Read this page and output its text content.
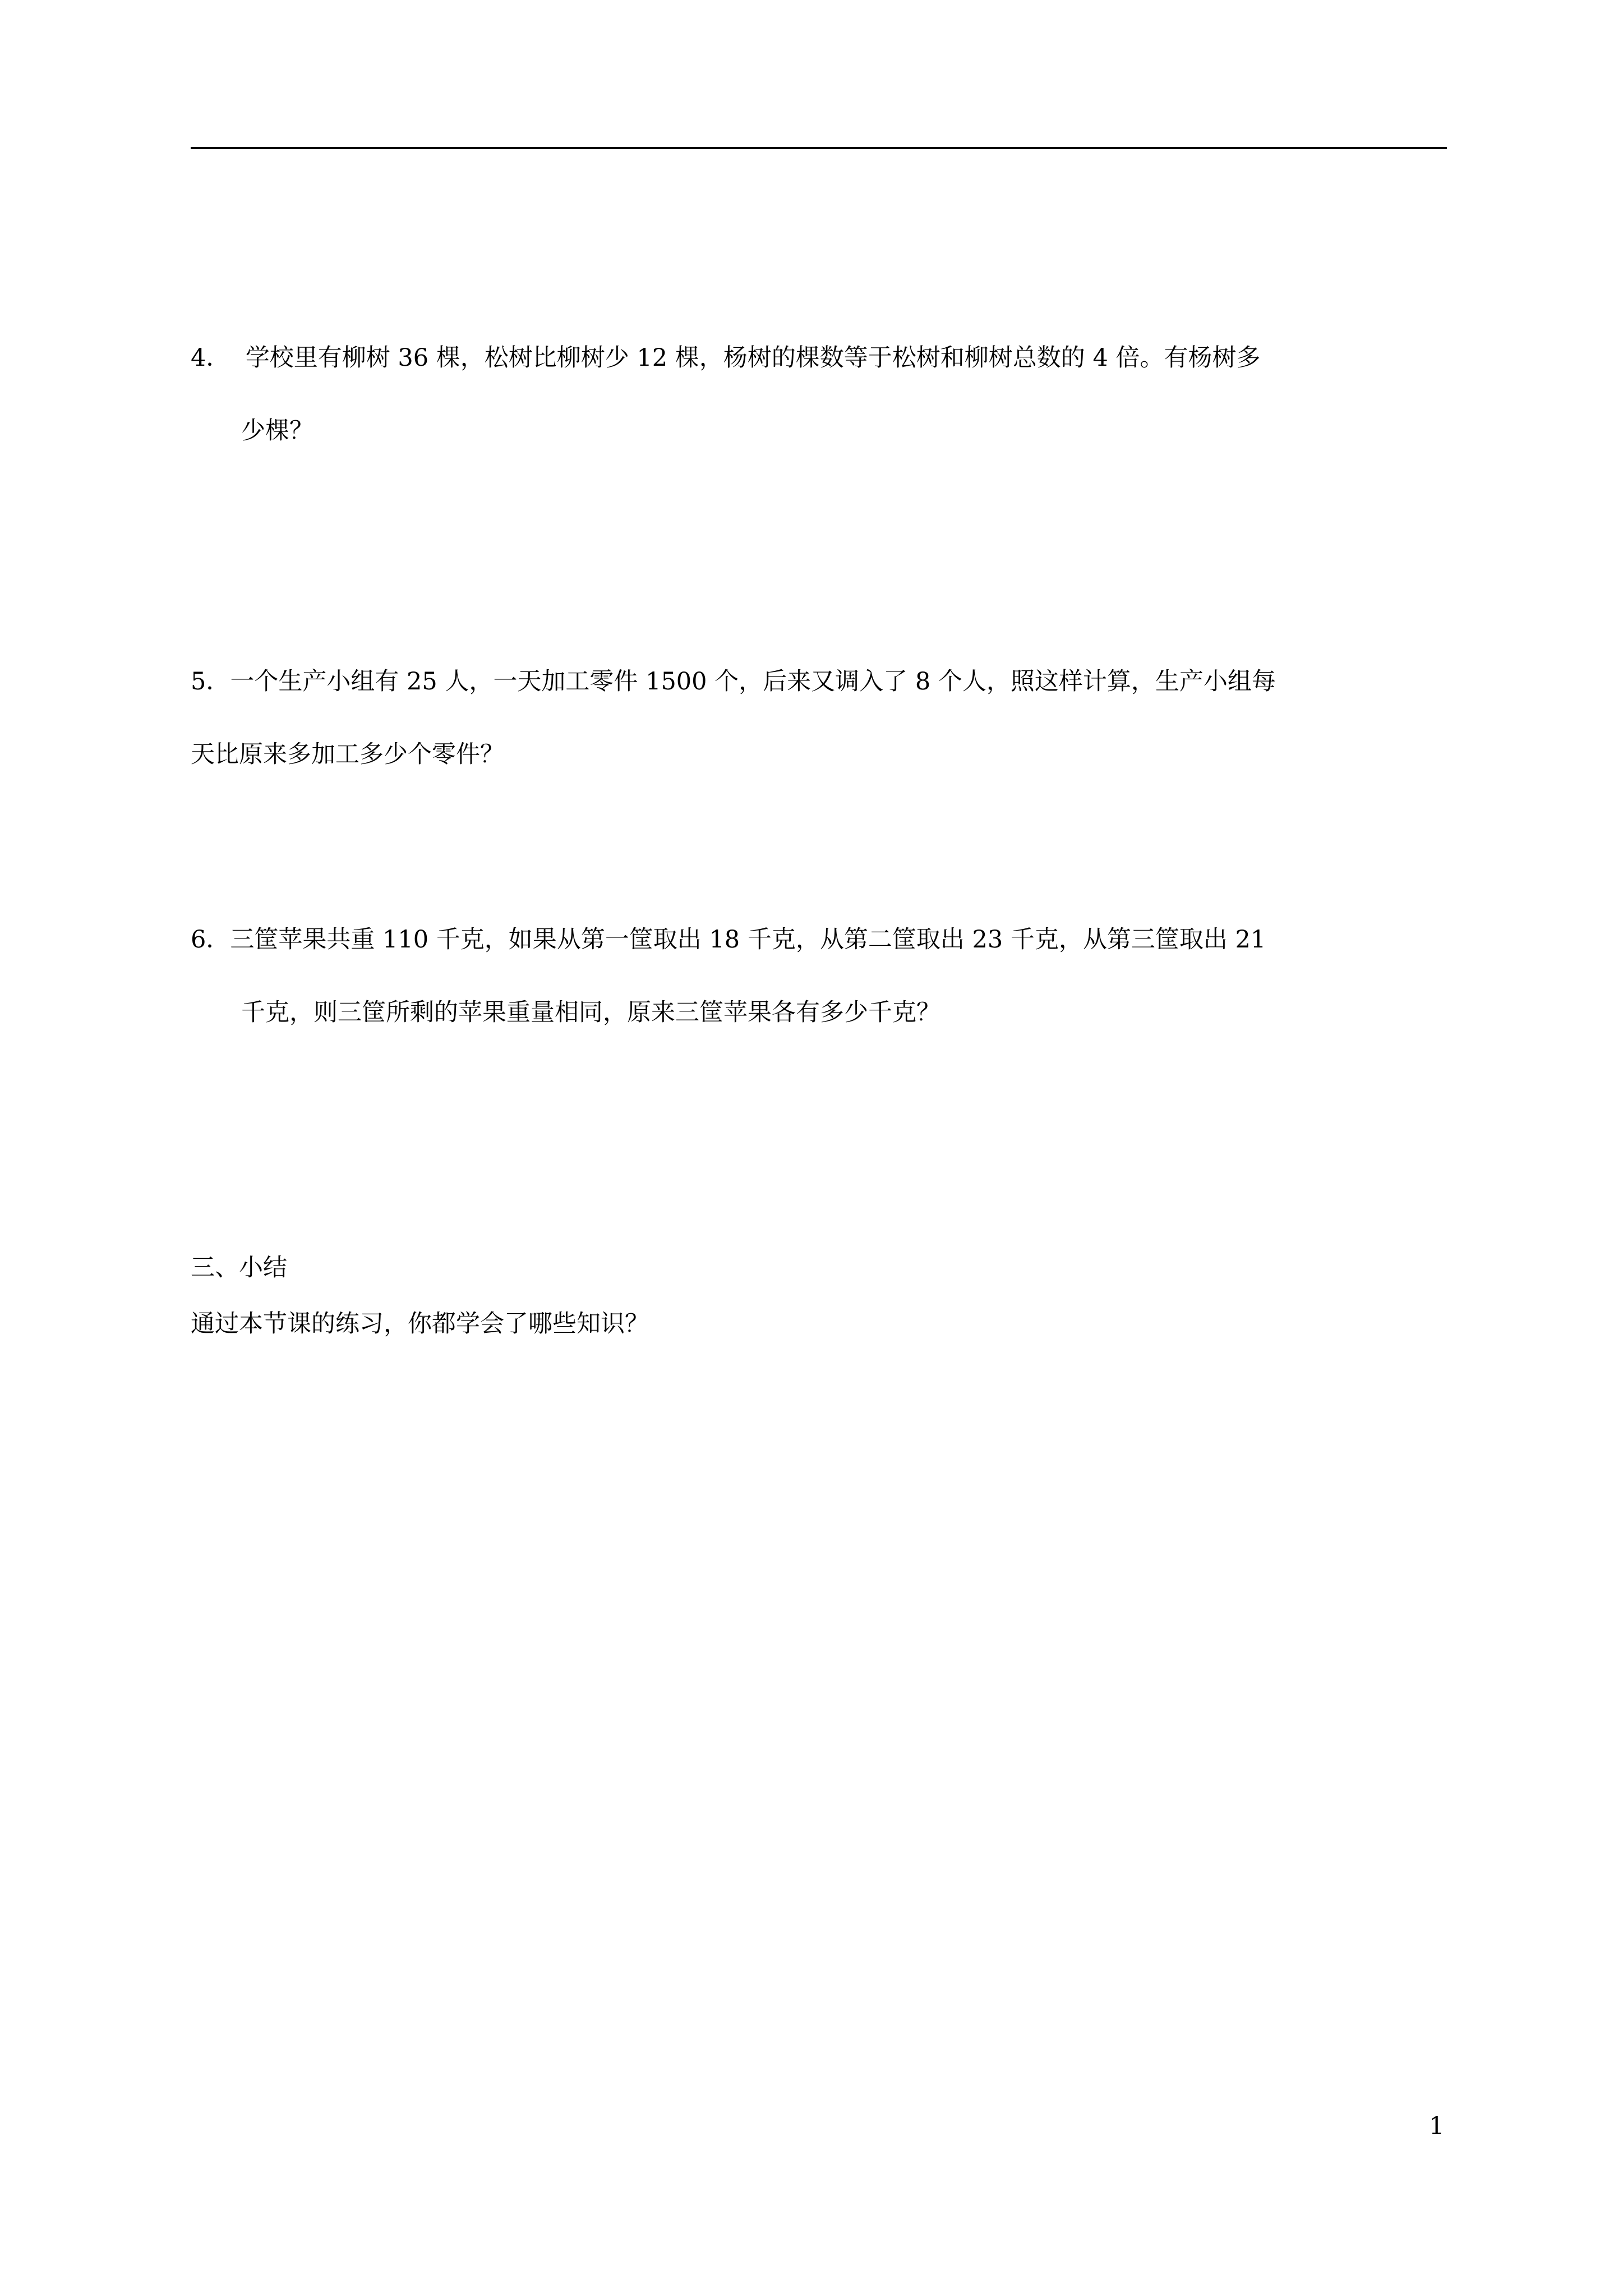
4． 学校里有柳树 36 棵，松树比柳树少 12 棵，杨树的棵数等于松树和柳树总数的 4 倍。有杨树多
少棵？
5．一个生产小组有 25 人，一天加工零件 1500 个，后来又调入了 8 个人，照这样计算，生产小组每
天比原来多加工多少个零件？
6．三筐苹果共重 110 千克，如果从第一筐取出 18 千克，从第二筐取出 23 千克，从第三筐取出 21
千克，则三筐所剩的苹果重量相同，原来三筐苹果各有多少千克？
三、小结
通过本节课的练习，你都学会了哪些知识？
1
